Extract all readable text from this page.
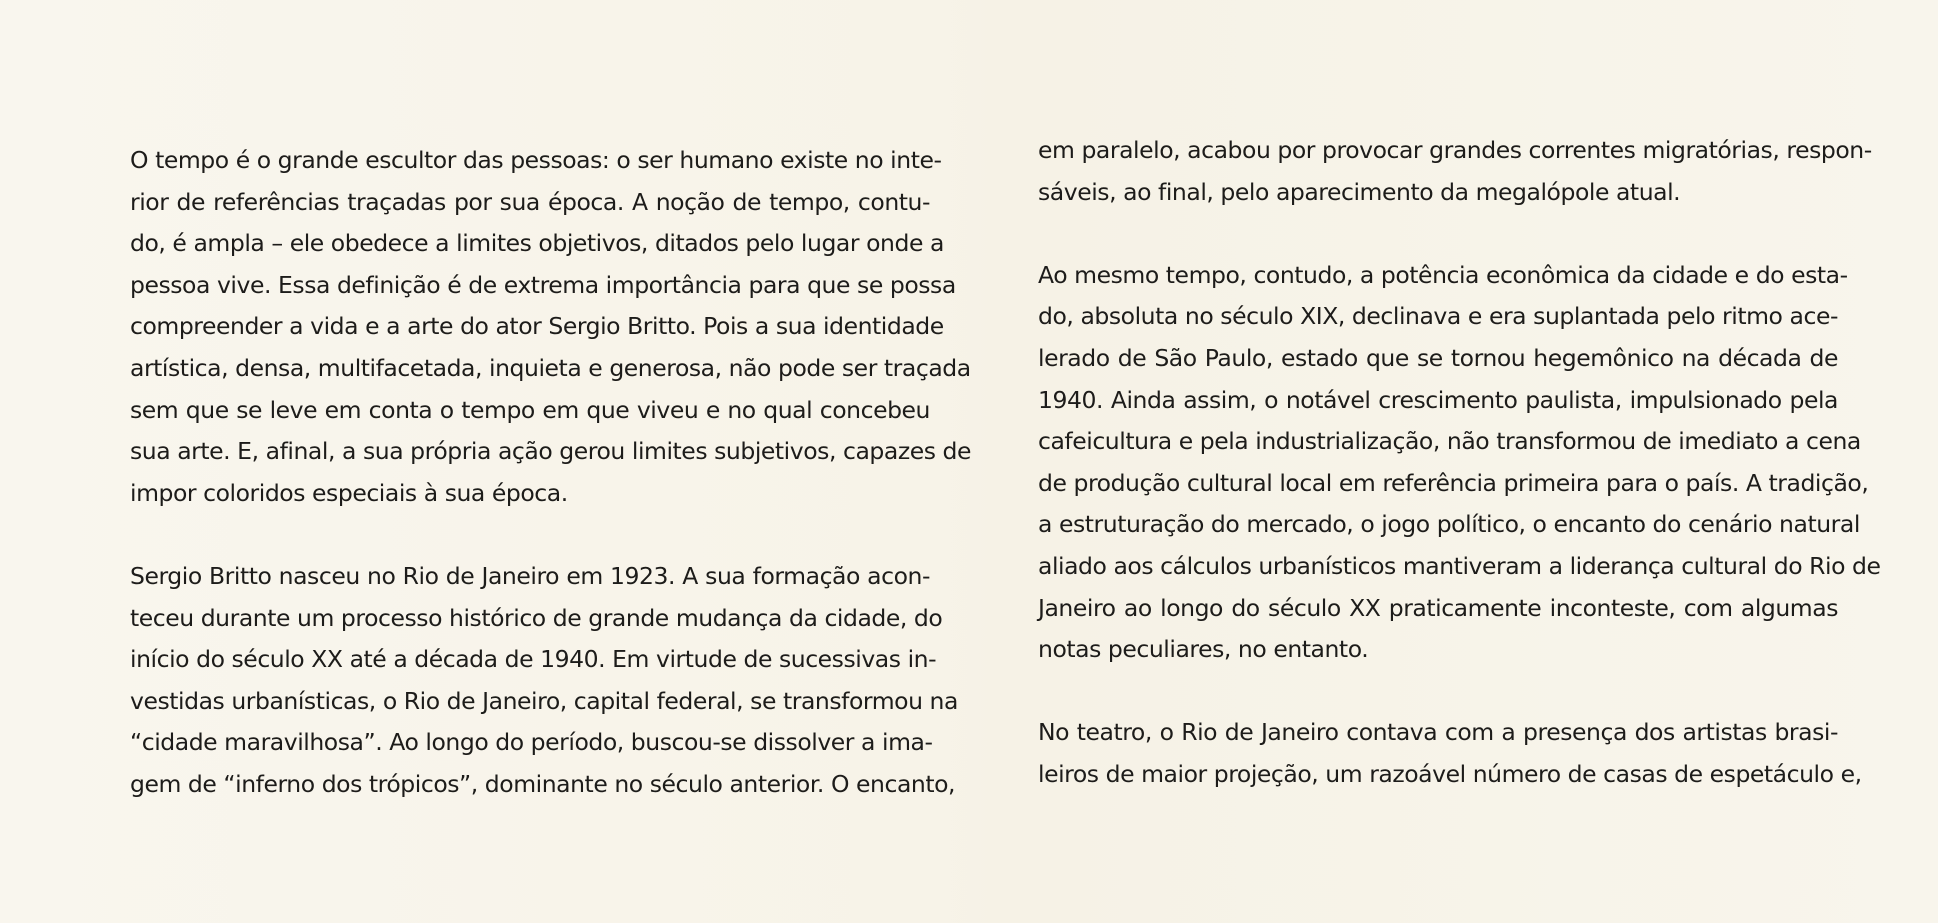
O tempo é o grande escultor das pessoas: o ser humano existe no inte-
rior de referências traçadas por sua época. A noção de tempo, contu-
do, é ampla – ele obedece a limites objetivos, ditados pelo lugar onde a
pessoa vive. Essa definição é de extrema importância para que se possa
compreender a vida e a arte do ator Sergio Britto. Pois a sua identidade
artística, densa, multifacetada, inquieta e generosa, não pode ser traçada
sem que se leve em conta o tempo em que viveu e no qual concebeu
sua arte. E, afinal, a sua própria ação gerou limites subjetivos, capazes de
impor coloridos especiais à sua época.
Sergio Britto nasceu no Rio de Janeiro em 1923. A sua formação acon-
teceu durante um processo histórico de grande mudança da cidade, do
início do século XX até a década de 1940. Em virtude de sucessivas in-
vestidas urbanísticas, o Rio de Janeiro, capital federal, se transformou na
“cidade maravilhosa”. Ao longo do período, buscou-se dissolver a ima-
gem de “inferno dos trópicos”, dominante no século anterior. O encanto,
em paralelo, acabou por provocar grandes correntes migratórias, respon-
sáveis, ao final, pelo aparecimento da megalópole atual.
Ao mesmo tempo, contudo, a potência econômica da cidade e do esta-
do, absoluta no século XIX, declinava e era suplantada pelo ritmo ace-
lerado de São Paulo, estado que se tornou hegemônico na década de
1940. Ainda assim, o notável crescimento paulista, impulsionado pela
cafeicultura e pela industrialização, não transformou de imediato a cena
de produção cultural local em referência primeira para o país. A tradição,
a estruturação do mercado, o jogo político, o encanto do cenário natural
aliado aos cálculos urbanísticos mantiveram a liderança cultural do Rio de
Janeiro ao longo do século XX praticamente inconteste, com algumas
notas peculiares, no entanto.
No teatro, o Rio de Janeiro contava com a presença dos artistas brasi-
leiros de maior projeção, um razoável número de casas de espetáculo e,
